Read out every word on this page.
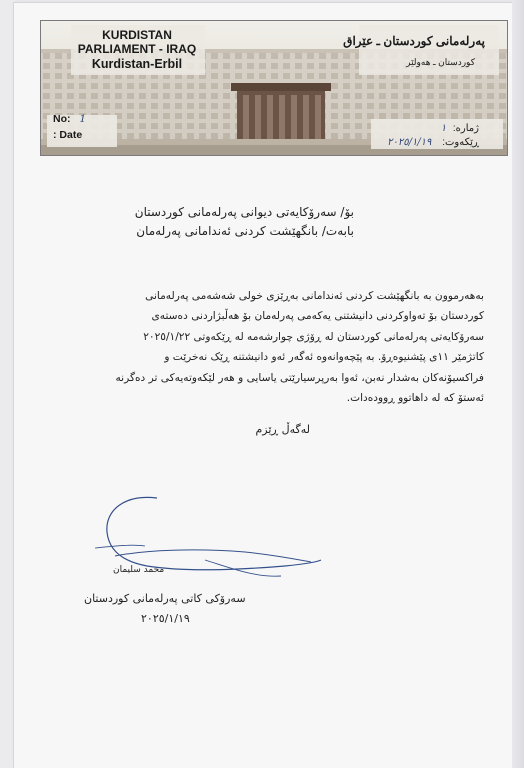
KURDISTAN
PARLIAMENT - IRAQ
Kurdistan-Erbil
پەرلەمانی کوردستان ـ عێراق
کوردستان ـ هەولێر
No: 1
: Date
ژمارە: ١
ڕێکەوت: ٢٠٢٥/١/١٩
بۆ/ سەرۆکایەتی دیوانی پەرلەمانی کوردستان
بابەت/ بانگهێشت کردنی ئەندامانی پەرلەمان
بەهەرموون بە بانگهێشت کردنی ئەندامانی بەڕێزی خولی شەشەمی پەرلەمانی
کوردستان بۆ تەواوکردنی دانیشتنی یەکەمی پەرلەمان بۆ هەڵبژاردنی دەستەی
سەرۆکایەتی پەرلەمانی کوردستان لە ڕۆژی چوارشەمە لە ڕێکەوتی ٢٠٢٥/١/٢٢
کاتژمێر ١١ی پێشنیوەڕۆ. بە پێچەوانەوە ئەگەر ئەو دانیشتنە ڕێک نەخرێت و
فراکسیۆنەکان بەشدار نەبن، ئەوا بەرپرسیارێتی یاسایی و هەر لێکەوتەیەکی تر دەگرنە
ئەستۆ کە لە داهاتوو ڕوودەدات.
لەگەڵ ڕێزم
محمد سليمان
سەرۆکی کاتی پەرلەمانی کوردستان
٢٠٢٥/١/١٩
